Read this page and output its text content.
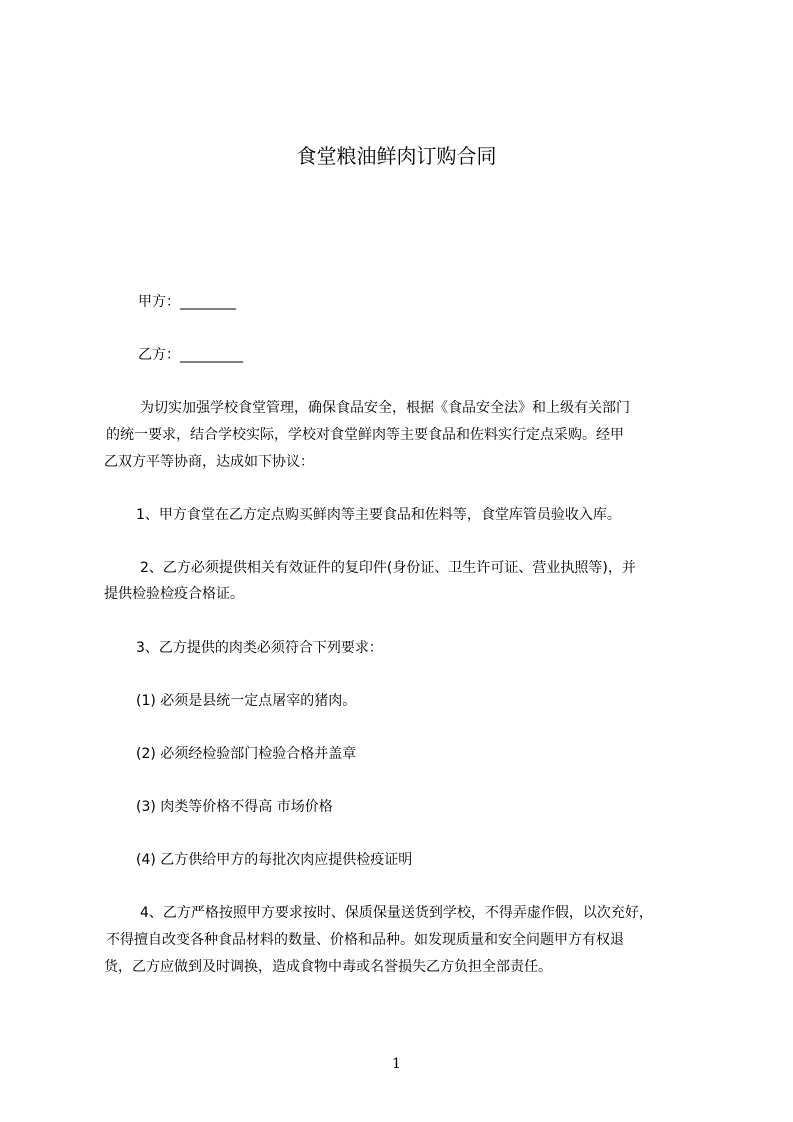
食堂粮油鲜肉订购合同
甲方：________
乙方：_________
为切实加强学校食堂管理，确保食品安全，根据《食品安全法》和上级有关部门
的统一要求，结合学校实际，学校对食堂鲜肉等主要食品和佐料实行定点采购。经甲
乙双方平等协商，达成如下协议：
1、甲方食堂在乙方定点购买鲜肉等主要食品和佐料等，食堂库管员验收入库。
2、乙方必须提供相关有效证件的复印件(身份证、卫生许可证、营业执照等)，并
提供检验检疫合格证。
3、乙方提供的肉类必须符合下列要求：
(1) 必须是县统一定点屠宰的猪肉。
(2) 必须经检验部门检验合格并盖章
(3) 肉类等价格不得高 市场价格
(4) 乙方供给甲方的每批次肉应提供检疫证明
4、乙方严格按照甲方要求按时、保质保量送货到学校，不得弄虚作假，以次充好，
不得擅自改变各种食品材料的数量、价格和品种。如发现质量和安全问题甲方有权退
货，乙方应做到及时调换，造成食物中毒或名誉损失乙方负担全部责任。
1
